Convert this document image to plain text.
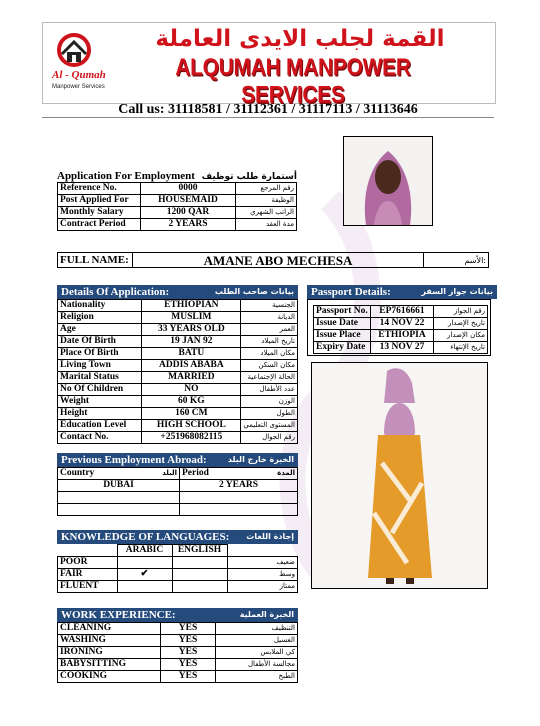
Al - Qumah
Manpower Services
القمة لجلب الايدى العاملة
ALQUMAH MANPOWER SERVICES
Call us: 31118581 / 31112361 / 31117113 / 31113646
Application For Employment أستمارة طلب توظيف
Reference No.	0000	رقم المرجع
Post Applied For	HOUSEMAID	الوظيفة
Monthly Salary	1200 QAR	الراتب الشهري
Contract Period	2 YEARS	مدة العقد
FULL NAME:	AMANE ABO MECHESA	الأسم:
Details Of Application:	بيانات صاحب الطلب
Nationality	ETHIOPIAN	الجنسية
Religion	MUSLIM	الديانة
Age	33 YEARS OLD	العمر
Date Of Birth	19 JAN 92	تاريخ الميلاد
Place Of Birth	BATU	مكان الميلاد
Living Town	ADDIS ABABA	مكان السكن
Marital Status	MARRIED	الحالة الإجتماعية
No Of Children	NO	عدد الأطفال
Weight	60 KG	الوزن
Height	160 CM	الطول
Education Level	HIGH SCHOOL	المستوى التعليمي
Contact No.	+251968082115	رقم الجوال
Passport Details:	بيانات جواز السفر
Passport No.	EP7616661	رقم الجواز
Issue Date	14 NOV 22	تاريخ الإصدار
Issue Place	ETHIOPIA	مكان الإصدار
Expiry Date	13 NOV 27	تاريخ الإنتهاء
Previous Employment Abroad:	الخبرة خارج البلد
Country البلد	Period المدة

DUBAI	2 YEARS

KNOWLEDGE OF LANGUAGES: إجادة اللغات
	ARABIC	ENGLISH	
POOR			ضعيف
FAIR	✔		وسط
FLUENT			ممتاز
WORK EXPERIENCE:	الخبرة العملية
CLEANING	YES	التنظيف
WASHING	YES	الغسيل
IRONING	YES	كي الملابس
BABYSITTING	YES	مجالسة الأطفال
COOKING	YES	الطبخ
